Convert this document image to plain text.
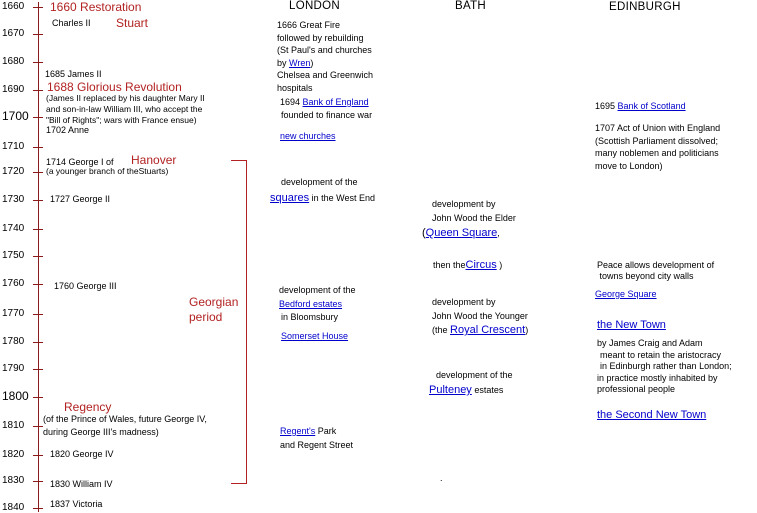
1660
1670
1680
1690
1700
1710
1720
1730
1740
1750
1760
1770
1780
1790
1800
1810
1820
1830
1840
LONDON	BATH	EDINBURGH
1660 Restoration
Charles II Stuart
1685 James II
1688 Glorious Revolution
(James II replaced by his daughter Mary II
and son-in-law William III, who accept the
"Bill of Rights"; wars with France ensue)
1702 Anne
1714 George I of Hanover
(a younger branch of theStuarts)
1727 George II
1760 George III
Georgian
period
Regency
(of the Prince of Wales, future George IV,
during George III's madness)
1820 George IV
1830 William IV
1837 Victoria
1666 Great Fire
followed by rebuilding
(St Paul's and churches
by Wren)
Chelsea and Greenwich
hospitals
1694 Bank of England
founded to finance war
new churches
development of the
squares in the West End
development of the
Bedford estates
in Bloomsbury
Somerset House
Regent's Park
and Regent Street
development by
John Wood the Elder
(Queen Square,
then theCircus )
development by
John Wood the Younger
(the Royal Crescent)
development of the
Pulteney estates
.
1695 Bank of Scotland
1707 Act of Union with England
(Scottish Parliament dissolved;
many noblemen and politicians
move to London)
Peace allows development of
towns beyond city walls
George Square
the New Town
by James Craig and Adam
meant to retain the aristocracy
in Edinburgh rather than London;
in practice mostly inhabited by
professional people
the Second New Town
